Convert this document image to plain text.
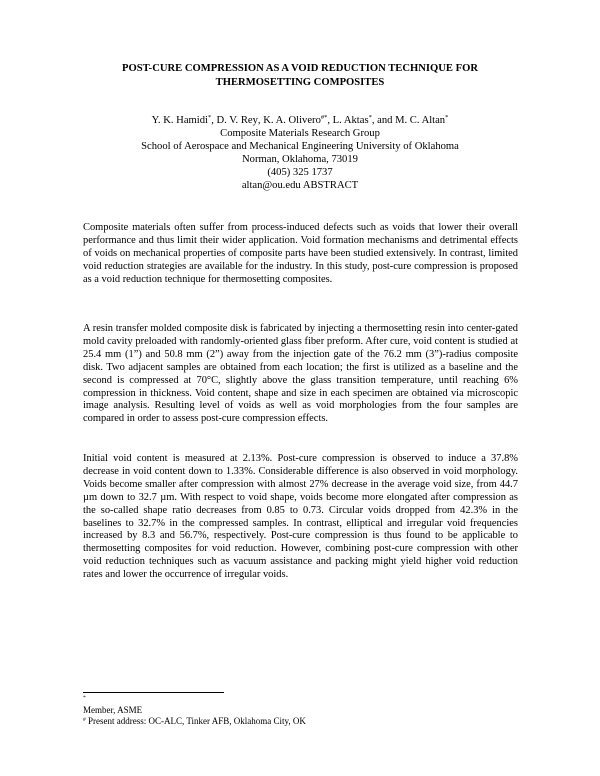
POST-CURE COMPRESSION AS A VOID REDUCTION TECHNIQUE FOR
THERMOSETTING COMPOSITES
Y. K. Hamidi*, D. V. Rey, K. A. Olivero#*, L. Aktas*, and M. C. Altan*
Composite Materials Research Group
School of Aerospace and Mechanical Engineering University of Oklahoma
Norman, Oklahoma, 73019
(405) 325 1737
altan@ou.edu ABSTRACT

Composite materials often suffer from process-induced defects such as voids that lower their overall performance and thus limit their wider application. Void formation mechanisms and detrimental effects of voids on mechanical properties of composite parts have been studied extensively. In contrast, limited void reduction strategies are available for the industry. In this study, post-cure compression is proposed as a void reduction technique for thermosetting composites.

A resin transfer molded composite disk is fabricated by injecting a thermosetting resin into center-gated mold cavity preloaded with randomly-oriented glass fiber preform. After cure, void content is studied at 25.4 mm (1”) and 50.8 mm (2”) away from the injection gate of the 76.2 mm (3”)-radius composite disk. Two adjacent samples are obtained from each location; the first is utilized as a baseline and the second is compressed at 70°C, slightly above the glass transition temperature, until reaching 6% compression in thickness. Void content, shape and size in each specimen are obtained via microscopic image analysis. Resulting level of voids as well as void morphologies from the four samples are compared in order to assess post-cure compression effects.

Initial void content is measured at 2.13%. Post-cure compression is observed to induce a 37.8% decrease in void content down to 1.33%. Considerable difference is also observed in void morphology. Voids become smaller after compression with almost 27% decrease in the average void size, from 44.7 µm down to 32.7 µm. With respect to void shape, voids become more elongated after compression as the so-called shape ratio decreases from 0.85 to 0.73. Circular voids dropped from 42.3% in the baselines to 32.7% in the compressed samples. In contrast, elliptical and irregular void frequencies increased by 8.3 and 56.7%, respectively. Post-cure compression is thus found to be applicable to thermosetting composites for void reduction. However, combining post-cure compression with other void reduction techniques such as vacuum assistance and packing might yield higher void reduction rates and lower the occurrence of irregular voids.

*
Member, ASME
# Present address: OC-ALC, Tinker AFB, Oklahoma City, OK
